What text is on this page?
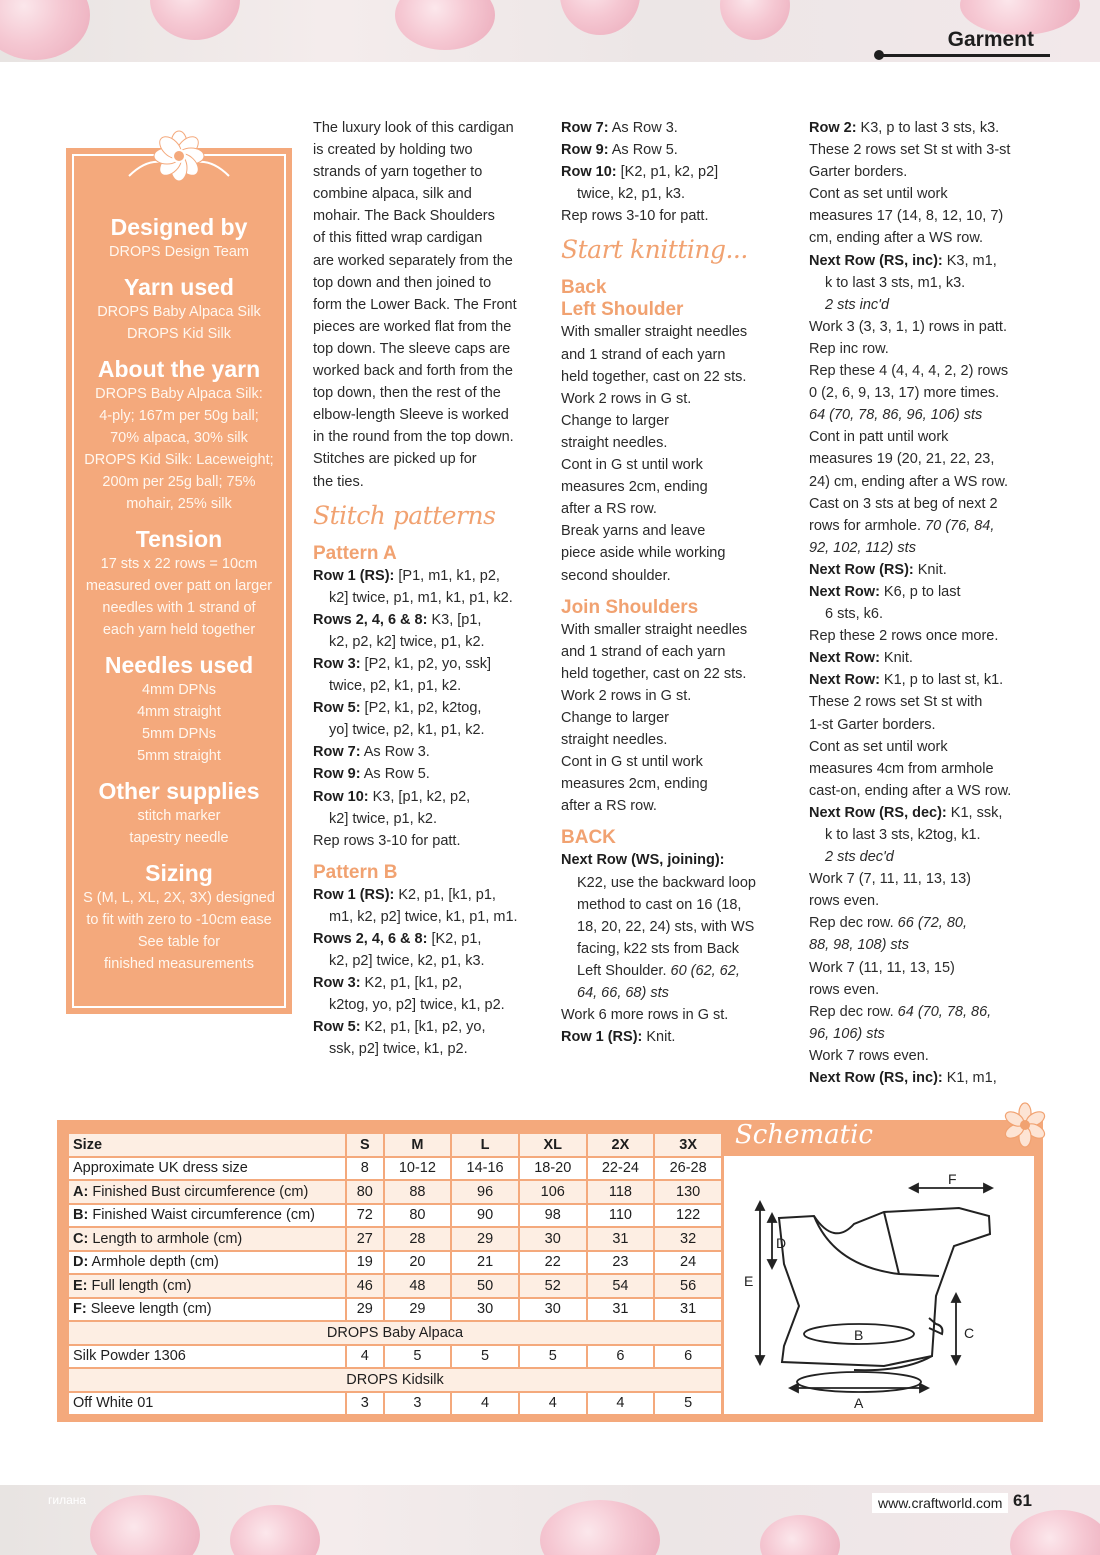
Garment
Designed by
DROPS Design Team
Yarn used
DROPS Baby Alpaca Silk
DROPS Kid Silk
About the yarn
DROPS Baby Alpaca Silk:
4-ply; 167m per 50g ball;
70% alpaca, 30% silk
DROPS Kid Silk: Laceweight;
200m per 25g ball; 75%
mohair, 25% silk
Tension
17 sts x 22 rows = 10cm
measured over patt on larger
needles with 1 strand of
each yarn held together
Needles used
4mm DPNs
4mm straight
5mm DPNs
5mm straight
Other supplies
stitch marker
tapestry needle
Sizing
S (M, L, XL, 2X, 3X) designed
to fit with zero to -10cm ease
See table for
finished measurements

The luxury look of this cardigan

is created by holding two

strands of yarn together to

combine alpaca, silk and

mohair. The Back Shoulders

of this fitted wrap cardigan

are worked separately from the

top down and then joined to

form the Lower Back. The Front

pieces are worked flat from the

top down. The sleeve caps are

worked back and forth from the

top down, then the rest of the

elbow-length Sleeve is worked

in the round from the top down.

Stitches are picked up for

the ties.

Stitch patterns

Pattern A

Row 1 (RS): [P1, m1, k1, p2,

k2] twice, p1, m1, k1, p1, k2.

Rows 2, 4, 6 & 8: K3, [p1,

k2, p2, k2] twice, p1, k2.

Row 3: [P2, k1, p2, yo, ssk]

twice, p2, k1, p1, k2.

Row 5: [P2, k1, p2, k2tog,

yo] twice, p2, k1, p1, k2.

Row 7: As Row 3.

Row 9: As Row 5.

Row 10: K3, [p1, k2, p2,

k2] twice, p1, k2.

Rep rows 3-10 for patt.

Pattern B

Row 1 (RS): K2, p1, [k1, p1,

m1, k2, p2] twice, k1, p1, m1.

Rows 2, 4, 6 & 8: [K2, p1,

k2, p2] twice, k2, p1, k3.

Row 3: K2, p1, [k1, p2,

k2tog, yo, p2] twice, k1, p2.

Row 5: K2, p1, [k1, p2, yo,

ssk, p2] twice, k1, p2.

Row 7: As Row 3.

Row 9: As Row 5.

Row 10: [K2, p1, k2, p2]

twice, k2, p1, k3.

Rep rows 3-10 for patt.

Start knitting...

Back

Left Shoulder

With smaller straight needles

and 1 strand of each yarn

held together, cast on 22 sts.

Work 2 rows in G st.

Change to larger

straight needles.

Cont in G st until work

measures 2cm, ending

after a RS row.

Break yarns and leave

piece aside while working

second shoulder.

Join Shoulders

With smaller straight needles

and 1 strand of each yarn

held together, cast on 22 sts.

Work 2 rows in G st.

Change to larger

straight needles.

Cont in G st until work

measures 2cm, ending

after a RS row.

BACK

Next Row (WS, joining):

K22, use the backward loop

method to cast on 16 (18,

18, 20, 22, 24) sts, with WS

facing, k22 sts from Back

Left Shoulder. 60 (62, 62,

64, 66, 68) sts

Work 6 more rows in G st.

Row 1 (RS): Knit.

Row 2: K3, p to last 3 sts, k3.

These 2 rows set St st with 3-st

Garter borders.

Cont as set until work

measures 17 (14, 8, 12, 10, 7)

cm, ending after a WS row.

Next Row (RS, inc): K3, m1,

k to last 3 sts, m1, k3.

2 sts inc'd

Work 3 (3, 3, 1, 1) rows in patt.

Rep inc row.

Rep these 4 (4, 4, 4, 2, 2) rows

0 (2, 6, 9, 13, 17) more times.

64 (70, 78, 86, 96, 106) sts

Cont in patt until work

measures 19 (20, 21, 22, 23,

24) cm, ending after a WS row.

Cast on 3 sts at beg of next 2

rows for armhole. 70 (76, 84,

92, 102, 112) sts

Next Row (RS): Knit.

Next Row: K6, p to last

6 sts, k6.

Rep these 2 rows once more.

Next Row: Knit.

Next Row: K1, p to last st, k1.

These 2 rows set St st with

1-st Garter borders.

Cont as set until work

measures 4cm from armhole

cast-on, ending after a WS row.

Next Row (RS, dec): K1, ssk,

k to last 3 sts, k2tog, k1.

2 sts dec'd

Work 7 (7, 11, 11, 13, 13)

rows even.

Rep dec row. 66 (72, 80,

88, 98, 108) sts

Work 7 (11, 11, 13, 15)

rows even.

Rep dec row. 64 (70, 78, 86,

96, 106) sts

Work 7 rows even.

Next Row (RS, inc): K1, m1,

Size	S	M	L	XL	2X	3X
Approximate UK dress size	8	10-12	14-16	18-20	22-24	26-28
A: Finished Bust circumference (cm)	80	88	96	106	118	130
B: Finished Waist circumference (cm)	72	80	90	98	110	122
C: Length to armhole (cm)	27	28	29	30	31	32
D: Armhole depth (cm)	19	20	21	22	23	24
E: Full length (cm)	46	48	50	52	54	56
F: Sleeve length (cm)	29	29	30	30	31	31
DROPS Baby Alpaca						
Silk Powder 1306	4	5	5	5	6	6
DROPS Kidsilk						
Off White 01	3	3	4	4	4	5
Schematic
D
E
C
F
B
A
гилана	www.craftworld.com 61
